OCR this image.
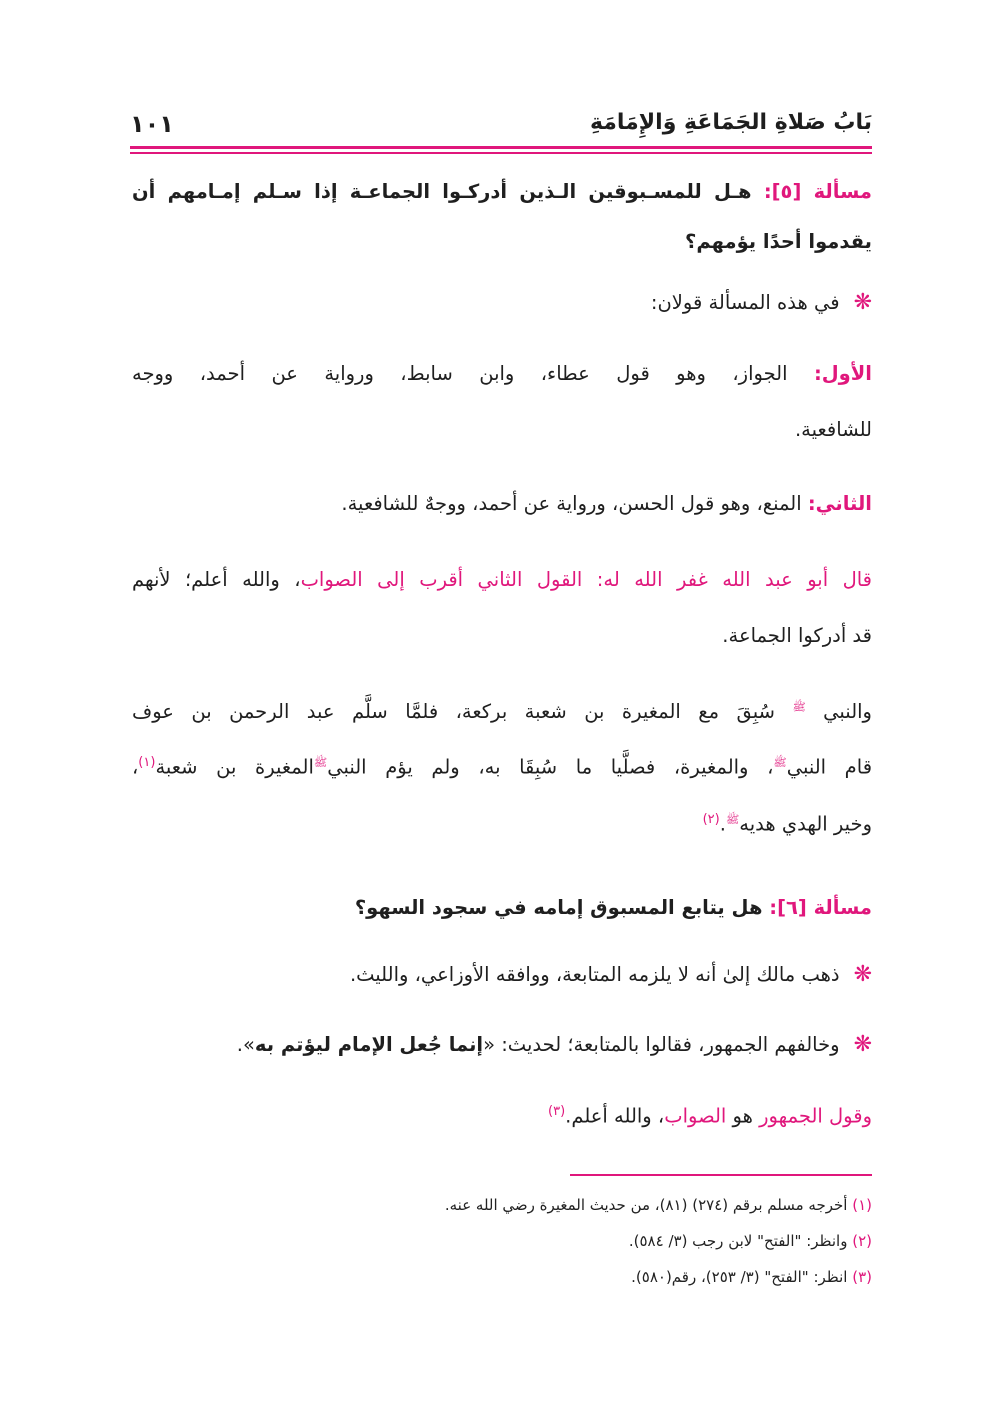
بَابُ صَلاةِ الجَمَاعَةِ وَالإِمَامَةِ
١٠١
مسألة [٥]: هـل للمسـبوقين الـذين أدركـوا الجماعـة إذا سـلم إمـامهم أن
يقدموا أحدًا يؤمهم؟
❋في هذه المسألة قولان:
الأول: الجواز، وهو قول عطاء، وابن سابط، ورواية عن أحمد، ووجه
للشافعية.
الثاني: المنع، وهو قول الحسن، ورواية عن أحمد، ووجهٌ للشافعية.
قال أبو عبد الله غفر الله له: القول الثاني أقرب إلى الصواب، والله أعلم؛ لأنهم
قد أدركوا الجماعة.
والنبي $^ﷺ$ سُبِقَ مع المغيرة بن شعبة بركعة، فلمَّا سلَّم عبد الرحمن بن عوف
قام النبي$^ﷺ$، والمغيرة، فصلَّيا ما سُبِقَا به، ولم يؤم النبي$^ﷺ$المغيرة بن شعبة$^{(١)}$،
وخير الهدي هديه$^ﷺ$.$^{(٢)}$
مسألة [٦]: هل يتابع المسبوق إمامه في سجود السهو؟
❋ذهب مالك إلىٰ أنه لا يلزمه المتابعة، ووافقه الأوزاعي، والليث.
❋وخالفهم الجمهور، فقالوا بالمتابعة؛ لحديث: «إنما جُعل الإمام ليؤتم به».
وقول الجمهور هو الصواب، والله أعلم.$^{(٣)}$
(١) أخرجه مسلم برقم (٢٧٤) (٨١)، من حديث المغيرة رضي الله عنه.
(٢) وانظر: "الفتح" لابن رجب (٣/ ٥٨٤).
(٣) انظر: "الفتح" (٣/ ٢٥٣)، رقم(٥٨٠).
